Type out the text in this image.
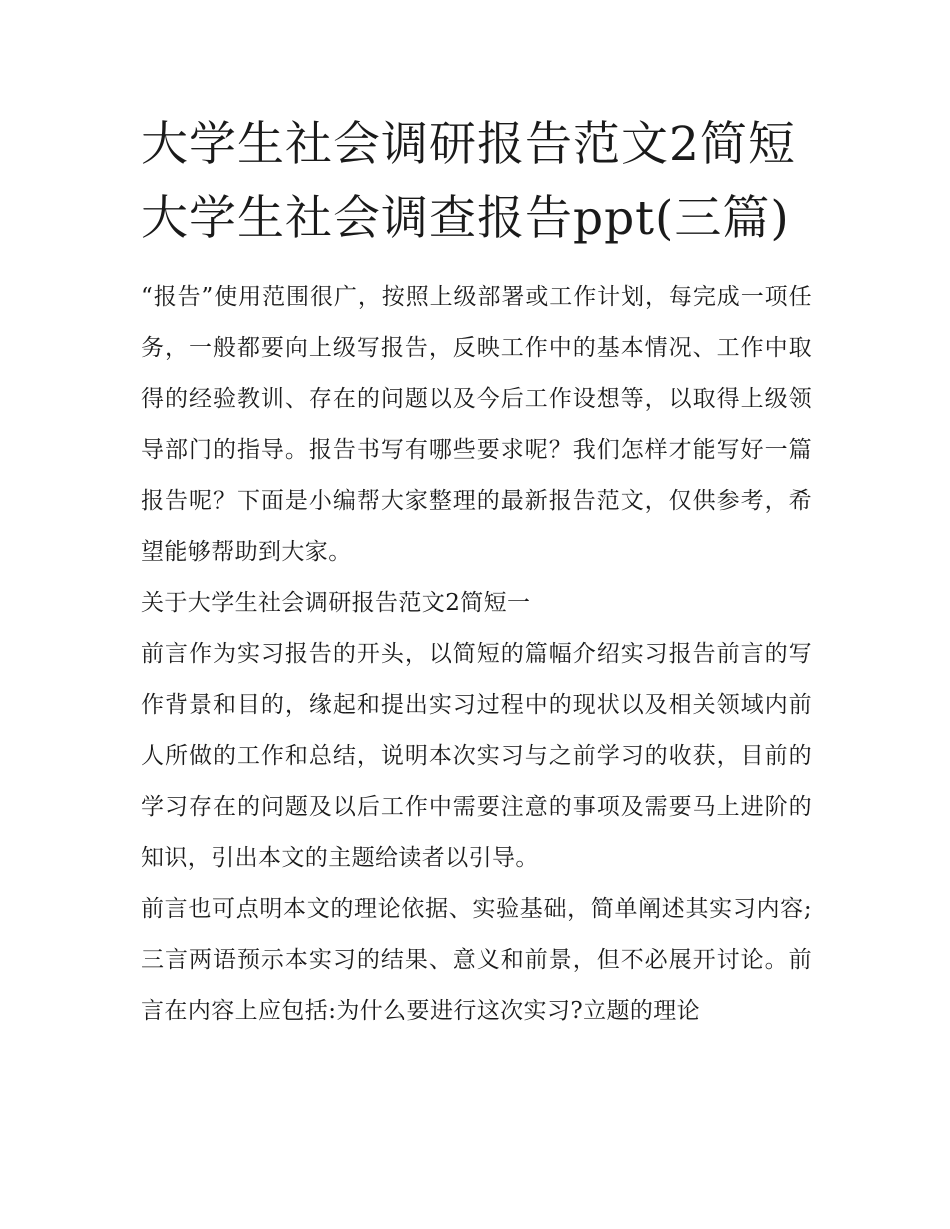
大学生社会调研报告范文2简短 大学生社会调查报告ppt(三篇)

“报告”使用范围很广，按照上级部署或工作计划，每完成一项任务，一般都要向上级写报告，反映工作中的基本情况、工作中取得的经验教训、存在的问题以及今后工作设想等，以取得上级领导部门的指导。报告书写有哪些要求呢？我们怎样才能写好一篇报告呢？下面是小编帮大家整理的最新报告范文，仅供参考，希望能够帮助到大家。

关于大学生社会调研报告范文2简短一

前言作为实习报告的开头，以简短的篇幅介绍实习报告前言的写作背景和目的，缘起和提出实习过程中的现状以及相关领域内前人所做的工作和总结，说明本次实习与之前学习的收获，目前的学习存在的问题及以后工作中需要注意的事项及需要马上进阶的知识，引出本文的主题给读者以引导。

前言也可点明本文的理论依据、实验基础，简单阐述其实习内容;三言两语预示本实习的结果、意义和前景，但不必展开讨论。前言在内容上应包括:为什么要进行这次实习?立题的理论
